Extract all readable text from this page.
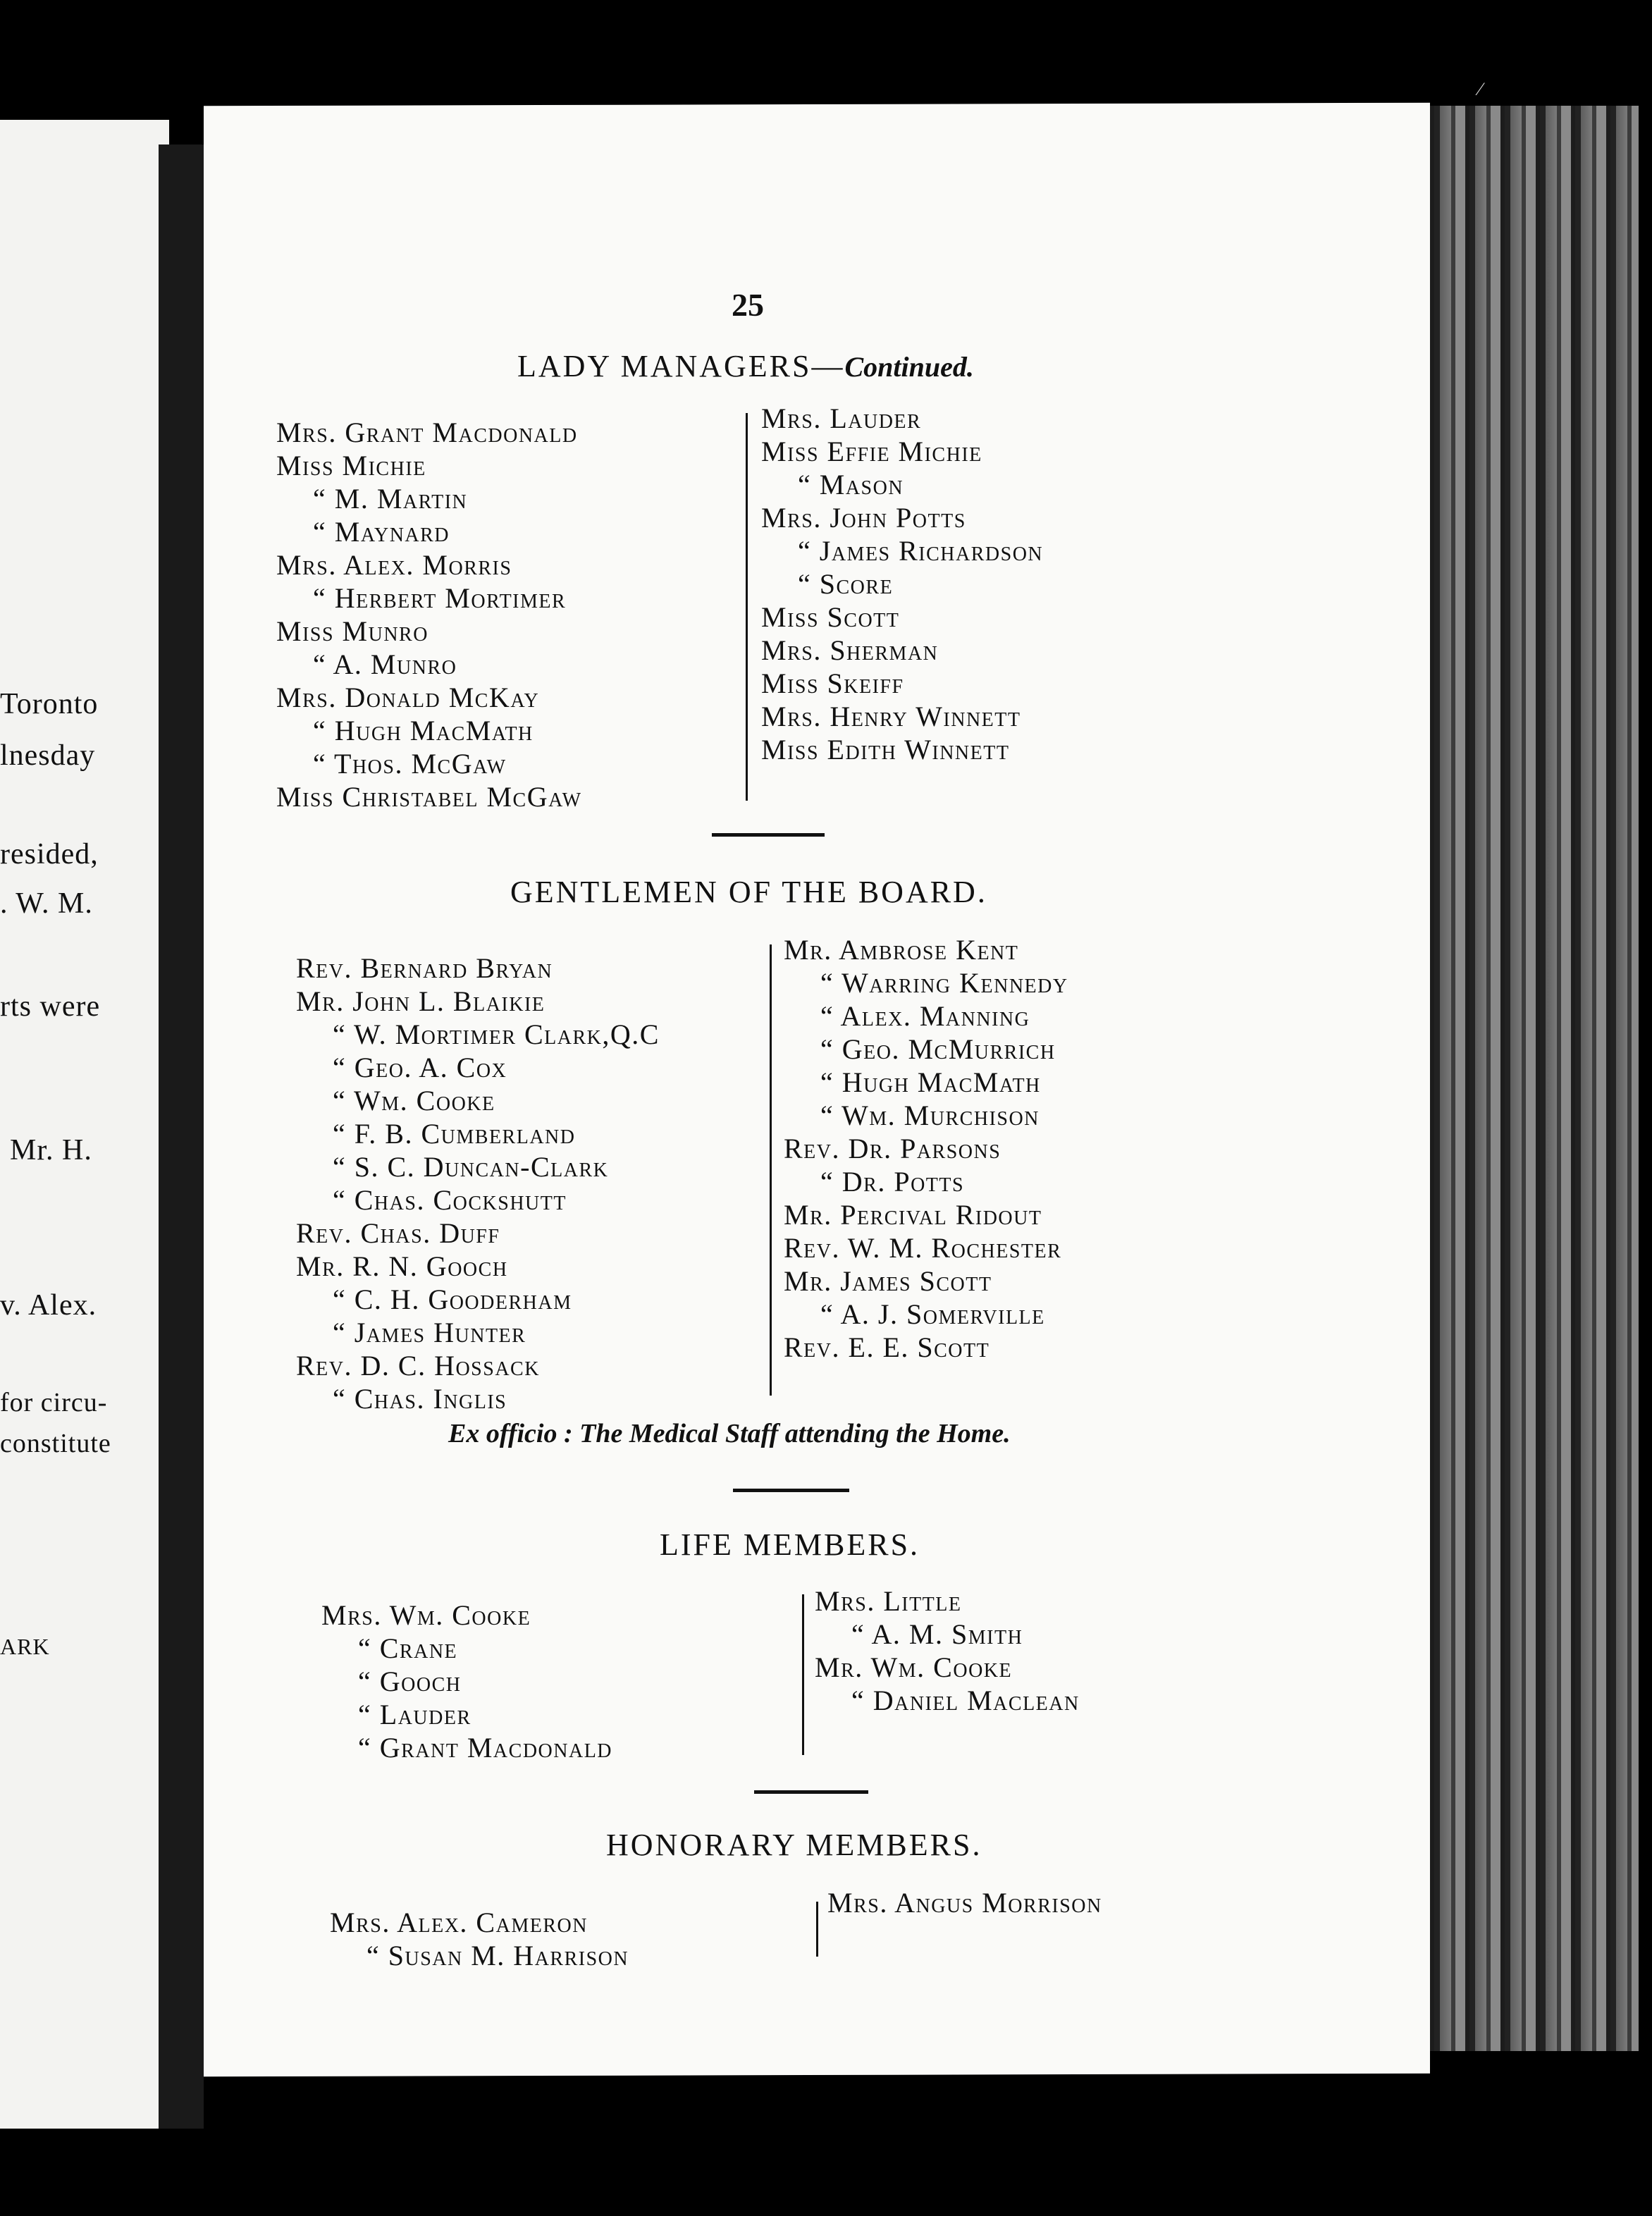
Toronto
lnesday
resided,
. W. M.
rts were
Mr. H.
v. Alex.
for circu-
constitute
ARK
⁄
25
LADY MANAGERS—Continued.
Mrs. Grant Macdonald
Miss Michie
“ M. Martin
“ Maynard
Mrs. Alex. Morris
“ Herbert Mortimer
Miss Munro
“ A. Munro
Mrs. Donald McKay
“ Hugh MacMath
“ Thos. McGaw
Miss Christabel McGaw
Mrs. Lauder
Miss Effie Michie
“ Mason
Mrs. John Potts
“ James Richardson
“ Score
Miss Scott
Mrs. Sherman
Miss Skeiff
Mrs. Henry Winnett
Miss Edith Winnett
GENTLEMEN OF THE BOARD.
Rev. Bernard Bryan
Mr. John L. Blaikie
“ W. Mortimer Clark,Q.C
“ Geo. A. Cox
“ Wm. Cooke
“ F. B. Cumberland
“ S. C. Duncan-Clark
“ Chas. Cockshutt
Rev. Chas. Duff
Mr. R. N. Gooch
“ C. H. Gooderham
“ James Hunter
Rev. D. C. Hossack
“ Chas. Inglis
Mr. Ambrose Kent
“ Warring Kennedy
“ Alex. Manning
“ Geo. McMurrich
“ Hugh MacMath
“ Wm. Murchison
Rev. Dr. Parsons
“ Dr. Potts
Mr. Percival Ridout
Rev. W. M. Rochester
Mr. James Scott
“ A. J. Somerville
Rev. E. E. Scott
Ex officio : The Medical Staff attending the Home.
LIFE MEMBERS.
Mrs. Wm. Cooke
“ Crane
“ Gooch
“ Lauder
“ Grant Macdonald
Mrs. Little
“ A. M. Smith
Mr. Wm. Cooke
“ Daniel Maclean
HONORARY MEMBERS.
Mrs. Alex. Cameron
“ Susan M. Harrison
Mrs. Angus Morrison
